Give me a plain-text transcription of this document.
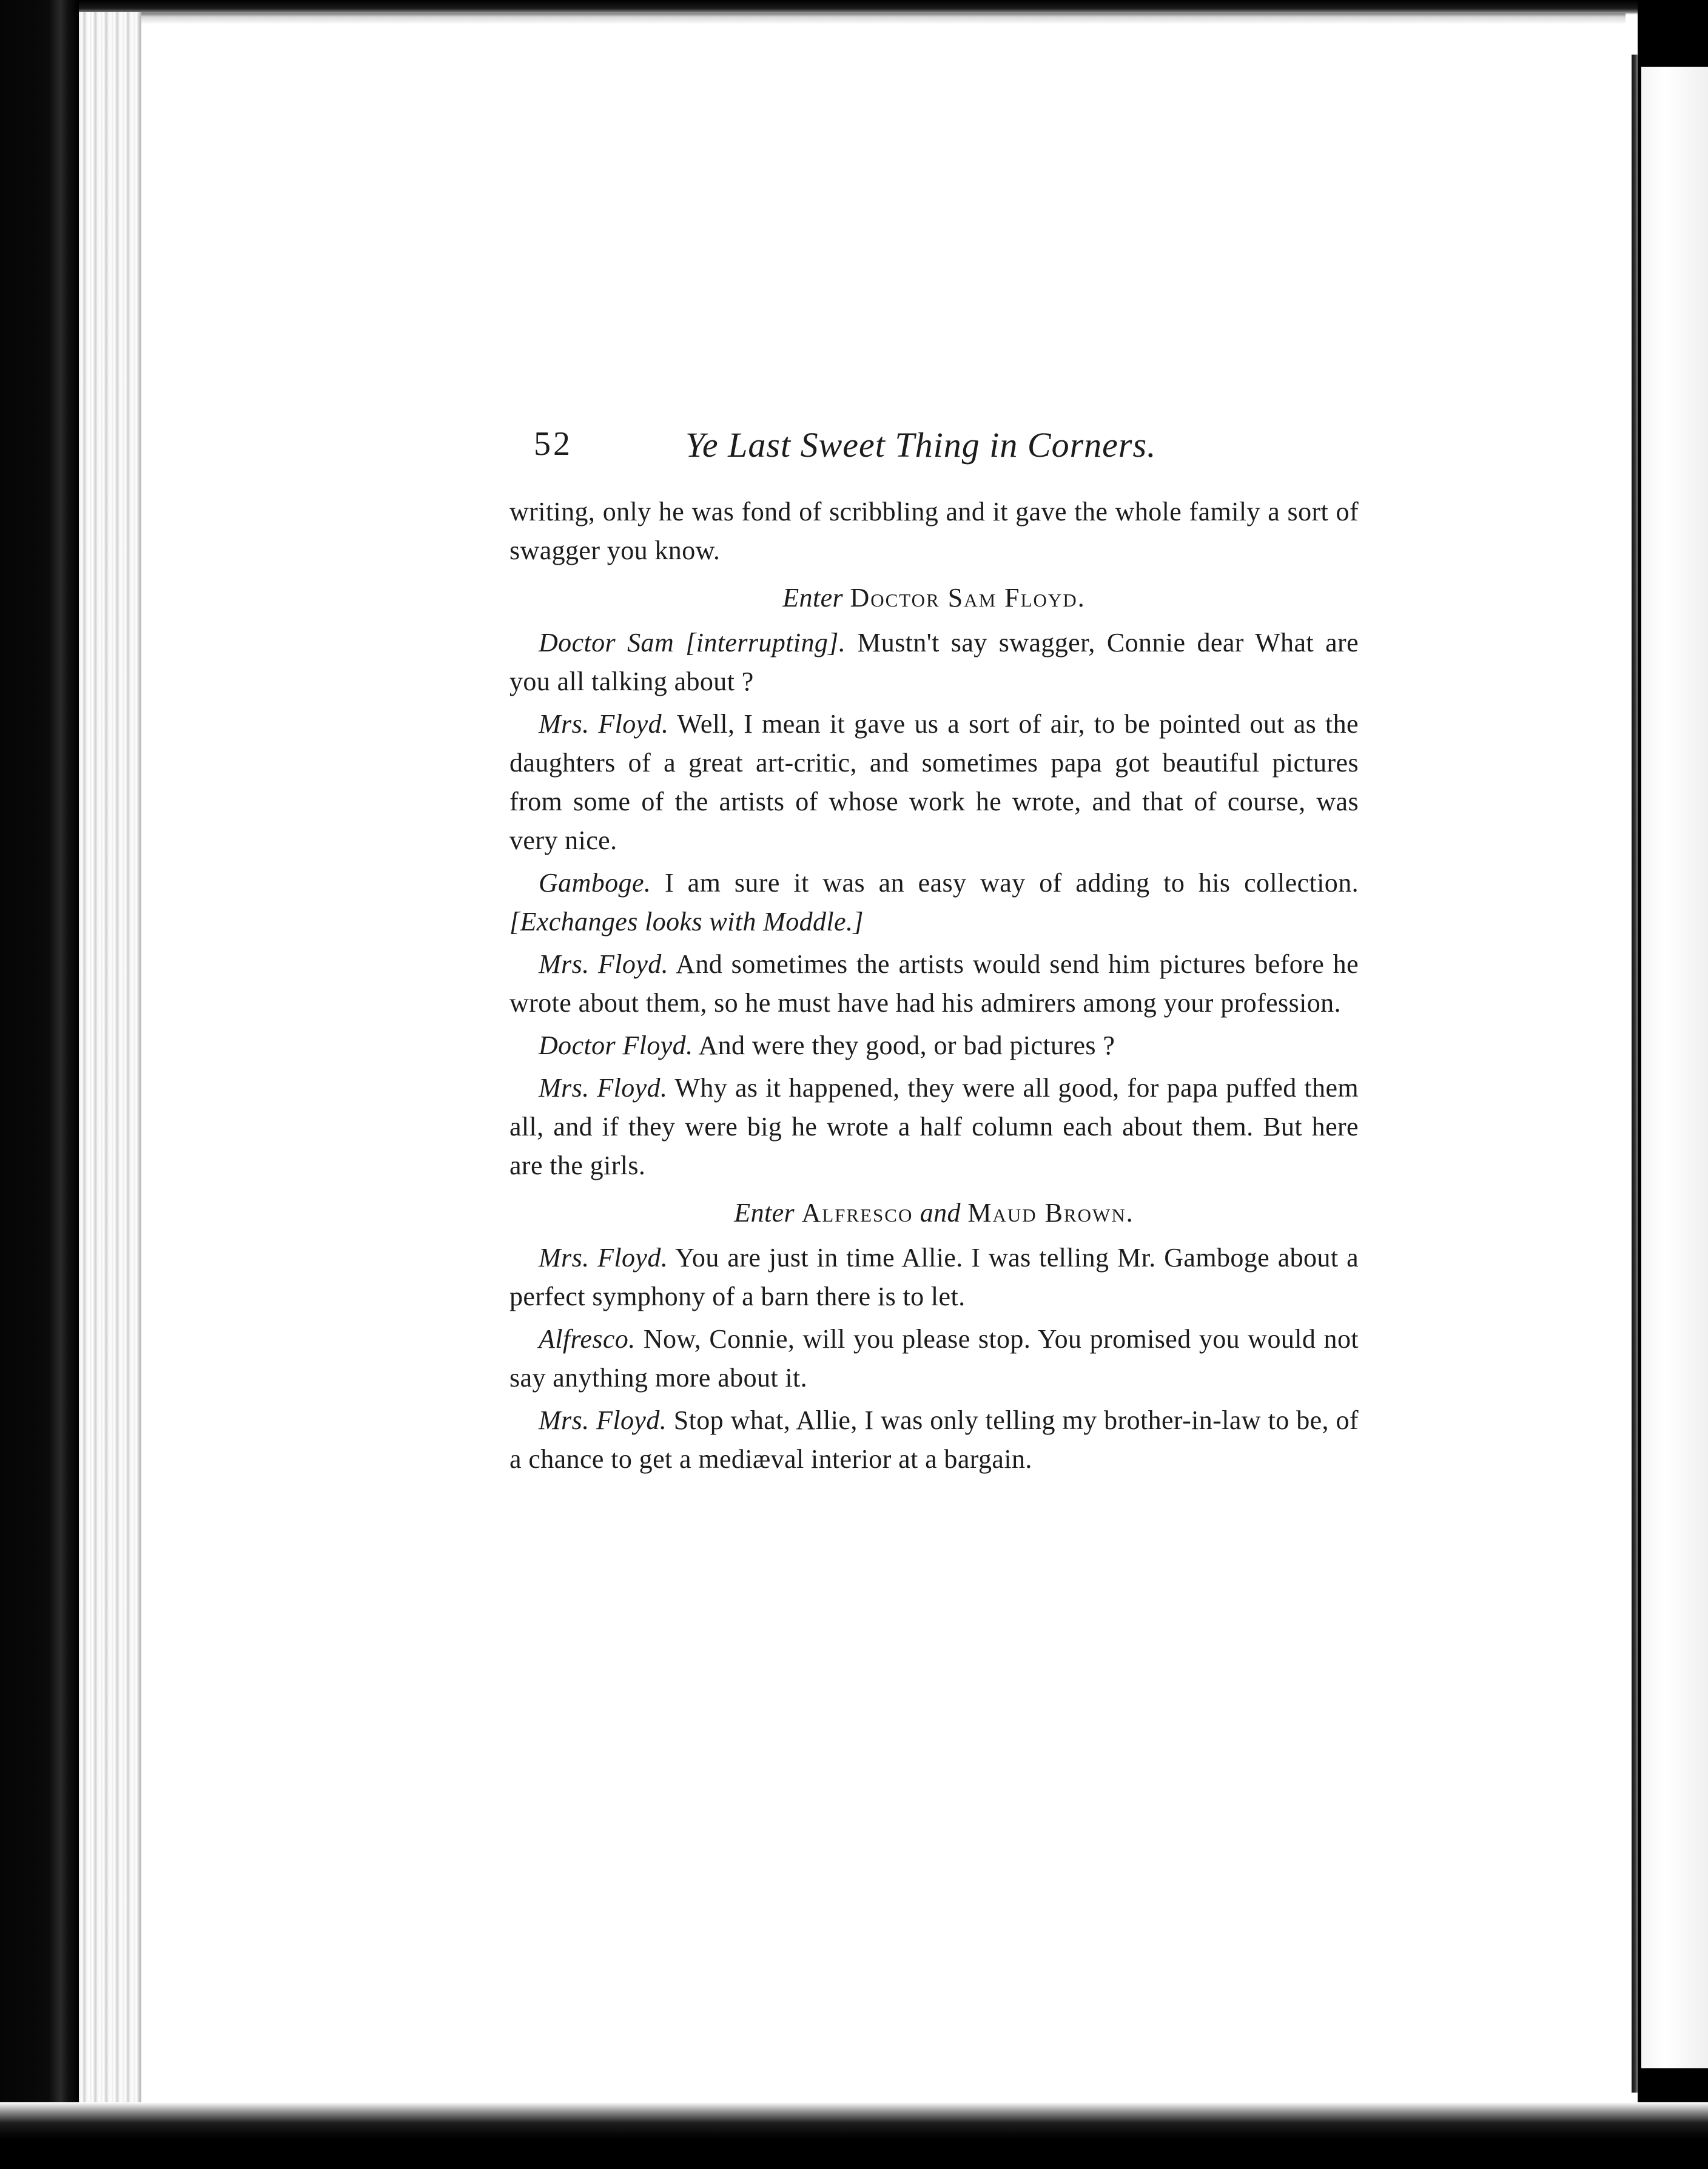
52	Ye Last Sweet Thing in Corners.

writing, only he was fond of scribbling and it gave the whole family a sort of swagger you know.

Enter Doctor Sam Floyd.

Doctor Sam [interrupting]. Mustn't say swagger, Connie dear What are you all talking about ?

Mrs. Floyd. Well, I mean it gave us a sort of air, to be pointed out as the daughters of a great art-critic, and sometimes papa got beautiful pictures from some of the artists of whose work he wrote, and that of course, was very nice.

Gamboge. I am sure it was an easy way of adding to his collection. [Exchanges looks with Moddle.]

Mrs. Floyd. And sometimes the artists would send him pictures before he wrote about them, so he must have had his admirers among your profession.

Doctor Floyd. And were they good, or bad pictures ?

Mrs. Floyd. Why as it happened, they were all good, for papa puffed them all, and if they were big he wrote a half column each about them. But here are the girls.

Enter Alfresco and Maud Brown.

Mrs. Floyd. You are just in time Allie. I was telling Mr. Gamboge about a perfect symphony of a barn there is to let.

Alfresco. Now, Connie, will you please stop. You promised you would not say anything more about it.

Mrs. Floyd. Stop what, Allie, I was only telling my brother-in-law to be, of a chance to get a mediæval interior at a bargain.
